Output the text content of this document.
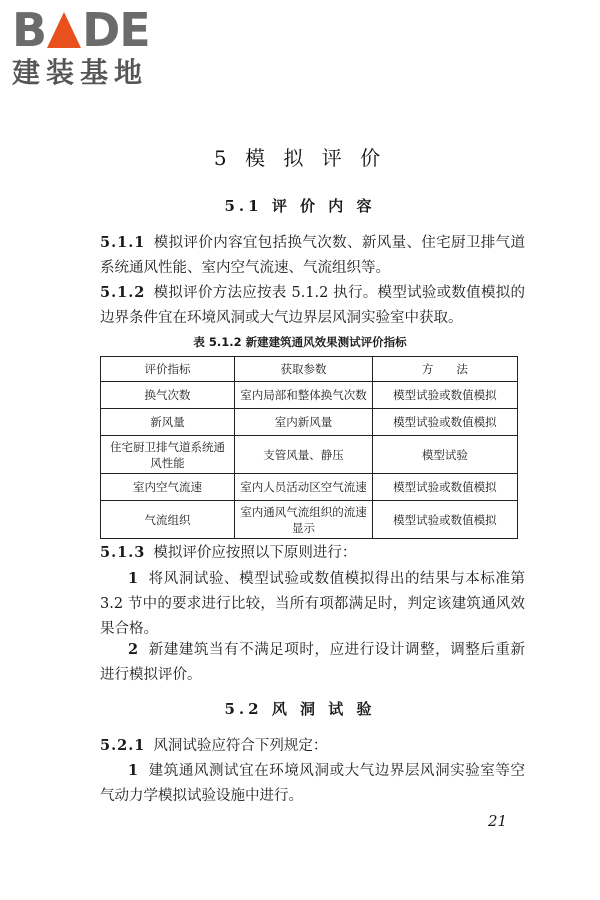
B DE
建装基地
5 模 拟 评 价
5.1 评 价 内 容
5.1.1 模拟评价内容宜包括换气次数、新风量、住宅厨卫排气道系统通风性能、室内空气流速、气流组织等。
5.1.2 模拟评价方法应按表 5.1.2 执行。模型试验或数值模拟的边界条件宜在环境风洞或大气边界层风洞实验室中获取。
表 5.1.2 新建建筑通风效果测试评价指标
评价指标	获取参数	方　　法
换气次数	室内局部和整体换气次数	模型试验或数值模拟
新风量	室内新风量	模型试验或数值模拟
住宅厨卫排气道系统通风性能	支管风量、静压	模型试验
室内空气流速	室内人员活动区空气流速	模型试验或数值模拟
气流组织	室内通风气流组织的流速显示	模型试验或数值模拟
5.1.3 模拟评价应按照以下原则进行：
1 将风洞试验、模型试验或数值模拟得出的结果与本标准第 3.2 节中的要求进行比较，当所有项都满足时，判定该建筑通风效果合格。
2 新建建筑当有不满足项时，应进行设计调整，调整后重新进行模拟评价。
5.2 风 洞 试 验
5.2.1 风洞试验应符合下列规定：
1 建筑通风测试宜在环境风洞或大气边界层风洞实验室等空气动力学模拟试验设施中进行。
21
